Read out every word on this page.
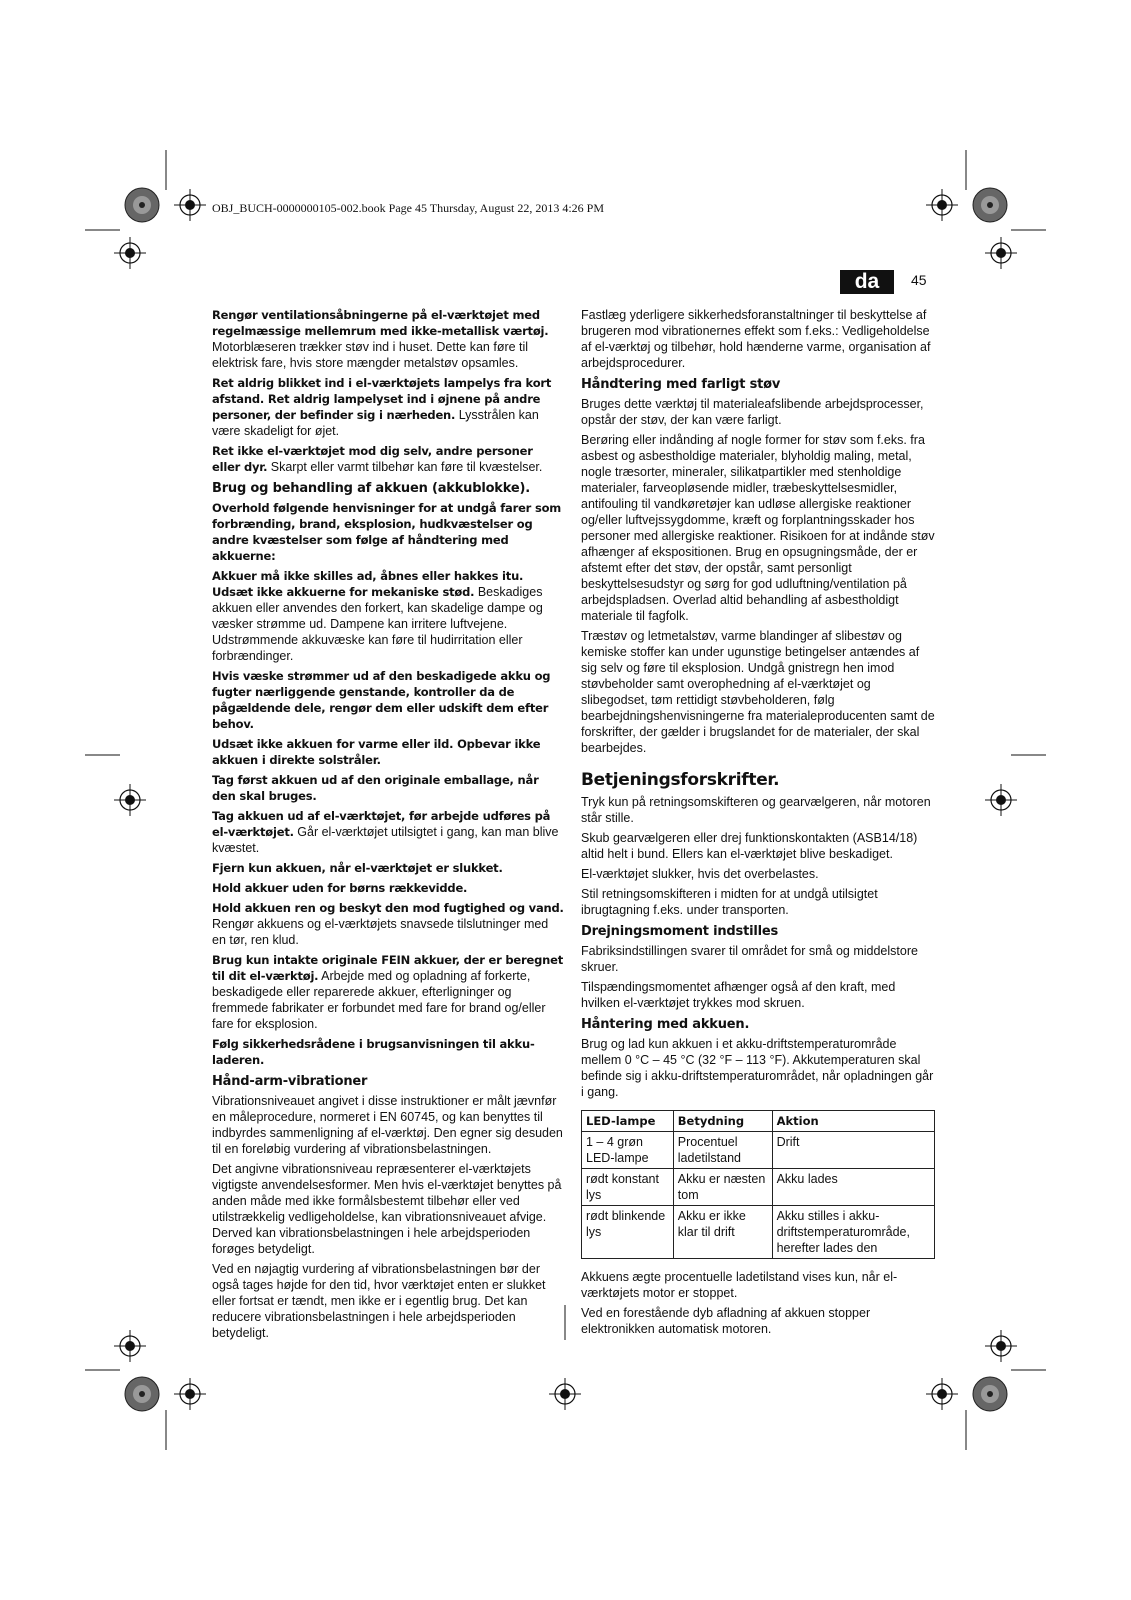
OBJ_BUCH-0000000105-002.book Page 45 Thursday, August 22, 2013 4:26 PM
da	45

Rengør ventilationsåbningerne på el-værktøjet med regelmæssige mellemrum med ikke-metallisk værtøj. Motorblæseren trækker støv ind i huset. Dette kan føre til elektrisk fare, hvis store mængder metalstøv opsamles.

Ret aldrig blikket ind i el-værktøjets lampelys fra kort afstand. Ret aldrig lampelyset ind i øjnene på andre personer, der befinder sig i nærheden. Lysstrålen kan være skadeligt for øjet.

Ret ikke el-værktøjet mod dig selv, andre personer eller dyr. Skarpt eller varmt tilbehør kan føre til kvæstelser.

Brug og behandling af akkuen (akkublokke).

Overhold følgende henvisninger for at undgå farer som forbrænding, brand, eksplosion, hudkvæstelser og andre kvæstelser som følge af håndtering med akkuerne:

Akkuer må ikke skilles ad, åbnes eller hakkes itu. Udsæt ikke akkuerne for mekaniske stød. Beskadiges akkuen eller anvendes den forkert, kan skadelige dampe og væsker strømme ud. Dampene kan irritere luftvejene. Udstrømmende akkuvæske kan føre til hudirritation eller forbrændinger.

Hvis væske strømmer ud af den beskadigede akku og fugter nærliggende genstande, kontroller da de pågældende dele, rengør dem eller udskift dem efter behov.

Udsæt ikke akkuen for varme eller ild. Opbevar ikke akkuen i direkte solstråler.

Tag først akkuen ud af den originale emballage, når den skal bruges.

Tag akkuen ud af el-værktøjet, før arbejde udføres på el-værktøjet. Går el-værktøjet utilsigtet i gang, kan man blive kvæstet.

Fjern kun akkuen, når el-værktøjet er slukket.

Hold akkuer uden for børns rækkevidde.

Hold akkuen ren og beskyt den mod fugtighed og vand. Rengør akkuens og el-værktøjets snavsede tilslutninger med en tør, ren klud.

Brug kun intakte originale FEIN akkuer, der er beregnet til dit el-værktøj. Arbejde med og opladning af forkerte, beskadigede eller reparerede akkuer, efterligninger og fremmede fabrikater er forbundet med fare for brand og/eller fare for eksplosion.

Følg sikkerhedsrådene i brugsanvisningen til akku-laderen.

Hånd-arm-vibrationer

Vibrationsniveauet angivet i disse instruktioner er målt jævnfør en måleprocedure, normeret i EN 60745, og kan benyttes til indbyrdes sammenligning af el-værktøj. Den egner sig desuden til en foreløbig vurdering af vibrationsbelastningen.

Det angivne vibrationsniveau repræsenterer el-værktøjets vigtigste anvendelsesformer. Men hvis el-værktøjet benyttes på anden måde med ikke formålsbestemt tilbehør eller ved utilstrækkelig vedligeholdelse, kan vibrationsniveauet afvige. Derved kan vibrationsbelastningen i hele arbejdsperioden forøges betydeligt.

Ved en nøjagtig vurdering af vibrationsbelastningen bør der også tages højde for den tid, hvor værktøjet enten er slukket eller fortsat er tændt, men ikke er i egentlig brug. Det kan reducere vibrationsbelastningen i hele arbejdsperioden betydeligt.

Fastlæg yderligere sikkerhedsforanstaltninger til beskyttelse af brugeren mod vibrationernes effekt som f.eks.: Vedligeholdelse af el-værktøj og tilbehør, hold hænderne varme, organisation af arbejdsprocedurer.

Håndtering med farligt støv

Bruges dette værktøj til materialeafslibende arbejdsprocesser, opstår der støv, der kan være farligt.

Berøring eller indånding af nogle former for støv som f.eks. fra asbest og asbestholdige materialer, blyholdig maling, metal, nogle træsorter, mineraler, silikatpartikler med stenholdige materialer, farveopløsende midler, træbeskyttelsesmidler, antifouling til vandkøretøjer kan udløse allergiske reaktioner og/eller luftvejssygdomme, kræft og forplantningsskader hos personer med allergiske reaktioner. Risikoen for at indånde støv afhænger af ekspositionen. Brug en opsugningsmåde, der er afstemt efter det støv, der opstår, samt personligt beskyttelsesudstyr og sørg for god udluftning/ventilation på arbejdspladsen. Overlad altid behandling af asbestholdigt materiale til fagfolk.

Træstøv og letmetalstøv, varme blandinger af slibestøv og kemiske stoffer kan under ugunstige betingelser antændes af sig selv og føre til eksplosion. Undgå gnistregn hen imod støvbeholder samt overophedning af el-værktøjet og slibegodset, tøm rettidigt støvbeholderen, følg bearbejdningshenvisningerne fra materialeproducenten samt de forskrifter, der gælder i brugslandet for de materialer, der skal bearbejdes.

Betjeningsforskrifter.

Tryk kun på retningsomskifteren og gearvælgeren, når motoren står stille.

Skub gearvælgeren eller drej funktionskontakten (ASB14/18) altid helt i bund. Ellers kan el-værktøjet blive beskadiget.

El-værktøjet slukker, hvis det overbelastes.

Stil retningsomskifteren i midten for at undgå utilsigtet ibrugtagning f.eks. under transporten.

Drejningsmoment indstilles

Fabriksindstillingen svarer til området for små og middelstore skruer.

Tilspændingsmomentet afhænger også af den kraft, med hvilken el-værktøjet trykkes mod skruen.

Håntering med akkuen.

Brug og lad kun akkuen i et akku-driftstemperaturområde mellem 0 °C – 45 °C (32 °F – 113 °F). Akkutemperaturen skal befinde sig i akku-driftstemperaturområdet, når opladningen går i gang.

LED-lampe	Betydning	Aktion
1 – 4 grøn LED-lampe	Procentuel ladetilstand	Drift
rødt konstant lys	Akku er næsten tom	Akku lades
rødt blinkende lys	Akku er ikke klar til drift	Akku stilles i akku-driftstemperaturområde, herefter lades den

Akkuens ægte procentuelle ladetilstand vises kun, når el-værktøjets motor er stoppet.

Ved en forestående dyb afladning af akkuen stopper elektronikken automatisk motoren.
